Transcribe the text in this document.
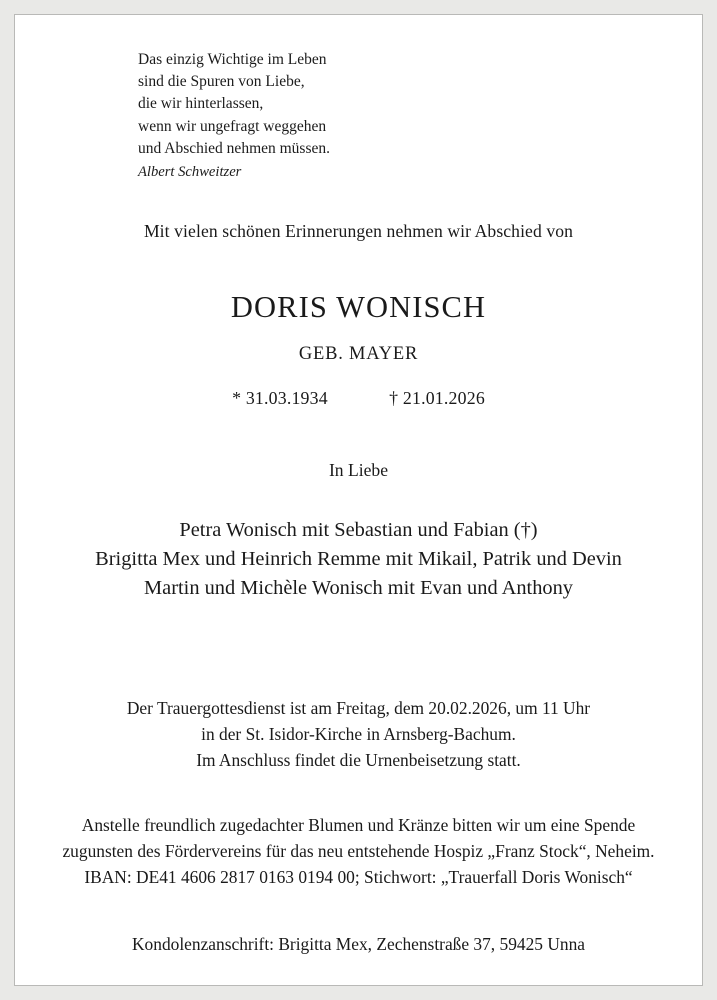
Das einzig Wichtige im Leben
sind die Spuren von Liebe,
die wir hinterlassen,
wenn wir ungefragt weggehen
und Abschied nehmen müssen.
Albert Schweitzer
Mit vielen schönen Erinnerungen nehmen wir Abschied von
DORIS WONISCH
GEB. MAYER
* 31.03.1934	† 21.01.2026
In Liebe
Petra Wonisch mit Sebastian und Fabian (†)
Brigitta Mex und Heinrich Remme mit Mikail, Patrik und Devin
Martin und Michèle Wonisch mit Evan und Anthony
Der Trauergottesdienst ist am Freitag, dem 20.02.2026, um 11 Uhr
in der St. Isidor-Kirche in Arnsberg-Bachum.
Im Anschluss findet die Urnenbeisetzung statt.
Anstelle freundlich zugedachter Blumen und Kränze bitten wir um eine Spende
zugunsten des Fördervereins für das neu entstehende Hospiz „Franz Stock“, Neheim.
IBAN: DE41 4606 2817 0163 0194 00; Stichwort: „Trauerfall Doris Wonisch“
Kondolenzanschrift: Brigitta Mex, Zechenstraße 37, 59425 Unna
